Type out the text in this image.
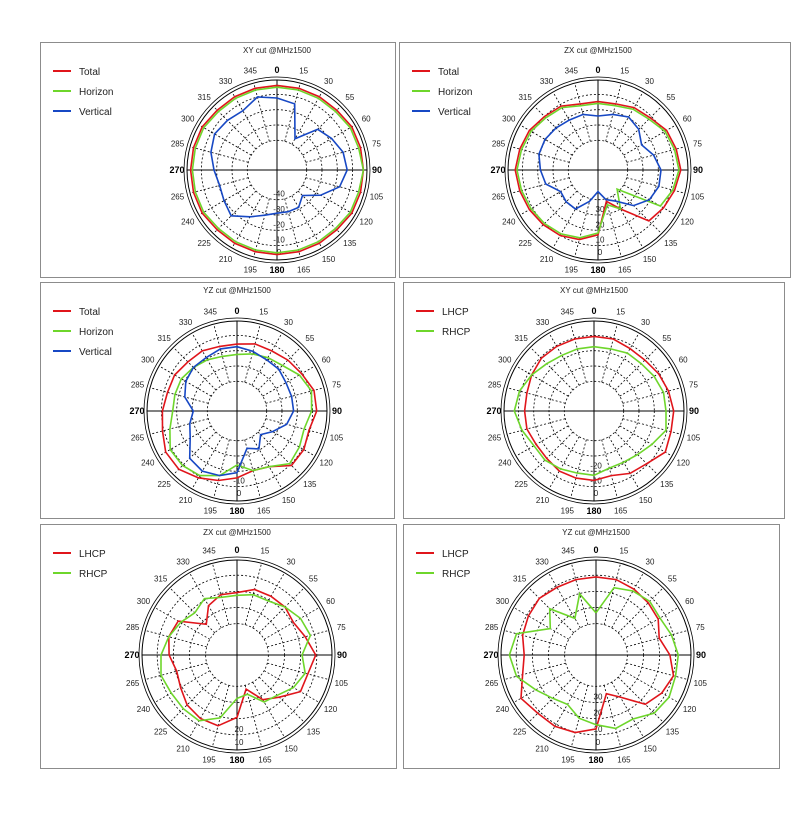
XY cut @MHz1500
0 15
30
55
60
75
90
105
120
135
150
165
180
195
210
225
240
265
270
285
300
315
330
345
0
-10
-20
-30
-40
Total
Horizon
Vertical
ZX cut @MHz1500
0 15
30
55
60
75
90
105
120
135
150
165
180
195
210
225
240
265
270
285
300
315
330
345
0
10
20
30
Total
Horizon
Vertical
YZ cut @MHz1500
0 15
30
55
60
75
90
105
120
135
150
165
180
195
210
225
240
265
270
285
300
315
330
345
0
-10
-20
Total
Horizon
Vertical
XY cut @MHz1500
0 15
30
55
60
75
90
105
120
135
150
165
180
195
210
225
240
265
270
285
300
315
330
345
0
-10
-20
LHCP
RHCP
ZX cut @MHz1500
0	15
30
55
60
75
90
105
120
135
150
165
180
195
210
225
240
265
270
285
300
315
330
345
10
20
LHCP
RHCP
YZ cut @MHz1500
0	15
30
55
60
75
90
105
120
135
150
165
180
195
210
225
240
265
270
285
300
315
330
345
0
10
20
30
LHCP
RHCP
